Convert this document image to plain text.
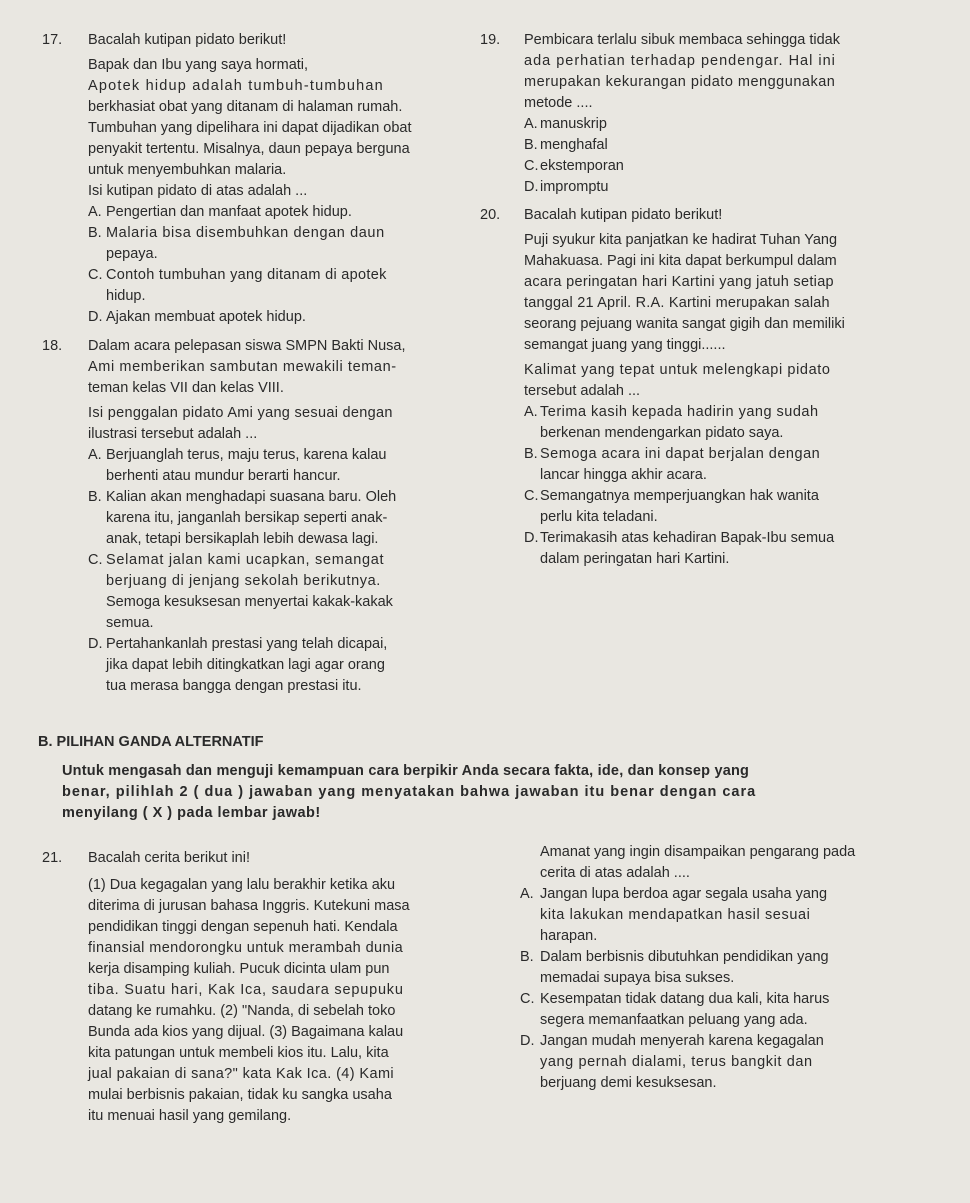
17. Bacalah kutipan pidato berikut!

Bapak dan Ibu yang saya hormati,

Apotek hidup adalah tumbuh-tumbuhan

berkhasiat obat yang ditanam di halaman rumah.

Tumbuhan yang dipelihara ini dapat dijadikan obat

penyakit tertentu. Misalnya, daun pepaya berguna

untuk menyembuhkan malaria.

Isi kutipan pidato di atas adalah ...

A. Pengertian dan manfaat apotek hidup.

B. Malaria bisa disembuhkan dengan daun

pepaya.

C. Contoh tumbuhan yang ditanam di apotek

hidup.

D. Ajakan membuat apotek hidup.

18. Dalam acara pelepasan siswa SMPN Bakti Nusa,

Ami memberikan sambutan mewakili teman-

teman kelas VII dan kelas VIII.

Isi penggalan pidato Ami yang sesuai dengan

ilustrasi tersebut adalah ...

A. Berjuanglah terus, maju terus, karena kalau

berhenti atau mundur berarti hancur.

B. Kalian akan menghadapi suasana baru. Oleh

karena itu, janganlah bersikap seperti anak-

anak, tetapi bersikaplah lebih dewasa lagi.

C. Selamat jalan kami ucapkan, semangat

berjuang di jenjang sekolah berikutnya.

Semoga kesuksesan menyertai kakak-kakak

semua.

D. Pertahankanlah prestasi yang telah dicapai,

jika dapat lebih ditingkatkan lagi agar orang

tua merasa bangga dengan prestasi itu.

19. Pembicara terlalu sibuk membaca sehingga tidak

ada perhatian terhadap pendengar. Hal ini

merupakan kekurangan pidato menggunakan

metode ....

A. manuskrip

B. menghafal

C. ekstemporan

D. impromptu

20. Bacalah kutipan pidato berikut!

Puji syukur kita panjatkan ke hadirat Tuhan Yang

Mahakuasa. Pagi ini kita dapat berkumpul dalam

acara peringatan hari Kartini yang jatuh setiap

tanggal 21 April. R.A. Kartini merupakan salah

seorang pejuang wanita sangat gigih dan memiliki

semangat juang yang tinggi......

Kalimat yang tepat untuk melengkapi pidato

tersebut adalah ...

A. Terima kasih kepada hadirin yang sudah

berkenan mendengarkan pidato saya.

B. Semoga acara ini dapat berjalan dengan

lancar hingga akhir acara.

C. Semangatnya memperjuangkan hak wanita

perlu kita teladani.

D. Terimakasih atas kehadiran Bapak-Ibu semua

dalam peringatan hari Kartini.

B. PILIHAN GANDA ALTERNATIF

Untuk mengasah dan menguji kemampuan cara berpikir Anda secara fakta, ide, dan konsep yang

benar, pilihlah 2 ( dua ) jawaban yang menyatakan bahwa jawaban itu benar dengan cara

menyilang ( X ) pada lembar jawab!

21. Bacalah cerita berikut ini!

(1) Dua kegagalan yang lalu berakhir ketika aku

diterima di jurusan bahasa Inggris. Kutekuni masa

pendidikan tinggi dengan sepenuh hati. Kendala

finansial mendorongku untuk merambah dunia

kerja disamping kuliah. Pucuk dicinta ulam pun

tiba. Suatu hari, Kak Ica, saudara sepupuku

datang ke rumahku. (2) "Nanda, di sebelah toko

Bunda ada kios yang dijual. (3) Bagaimana kalau

kita patungan untuk membeli kios itu. Lalu, kita

jual pakaian di sana?" kata Kak Ica. (4) Kami

mulai berbisnis pakaian, tidak ku sangka usaha

itu menuai hasil yang gemilang.

Amanat yang ingin disampaikan pengarang pada

cerita di atas adalah ....

A. Jangan lupa berdoa agar segala usaha yang

kita lakukan mendapatkan hasil sesuai

harapan.

B. Dalam berbisnis dibutuhkan pendidikan yang

memadai supaya bisa sukses.

C. Kesempatan tidak datang dua kali, kita harus

segera memanfaatkan peluang yang ada.

D. Jangan mudah menyerah karena kegagalan

yang pernah dialami, terus bangkit dan

berjuang demi kesuksesan.
